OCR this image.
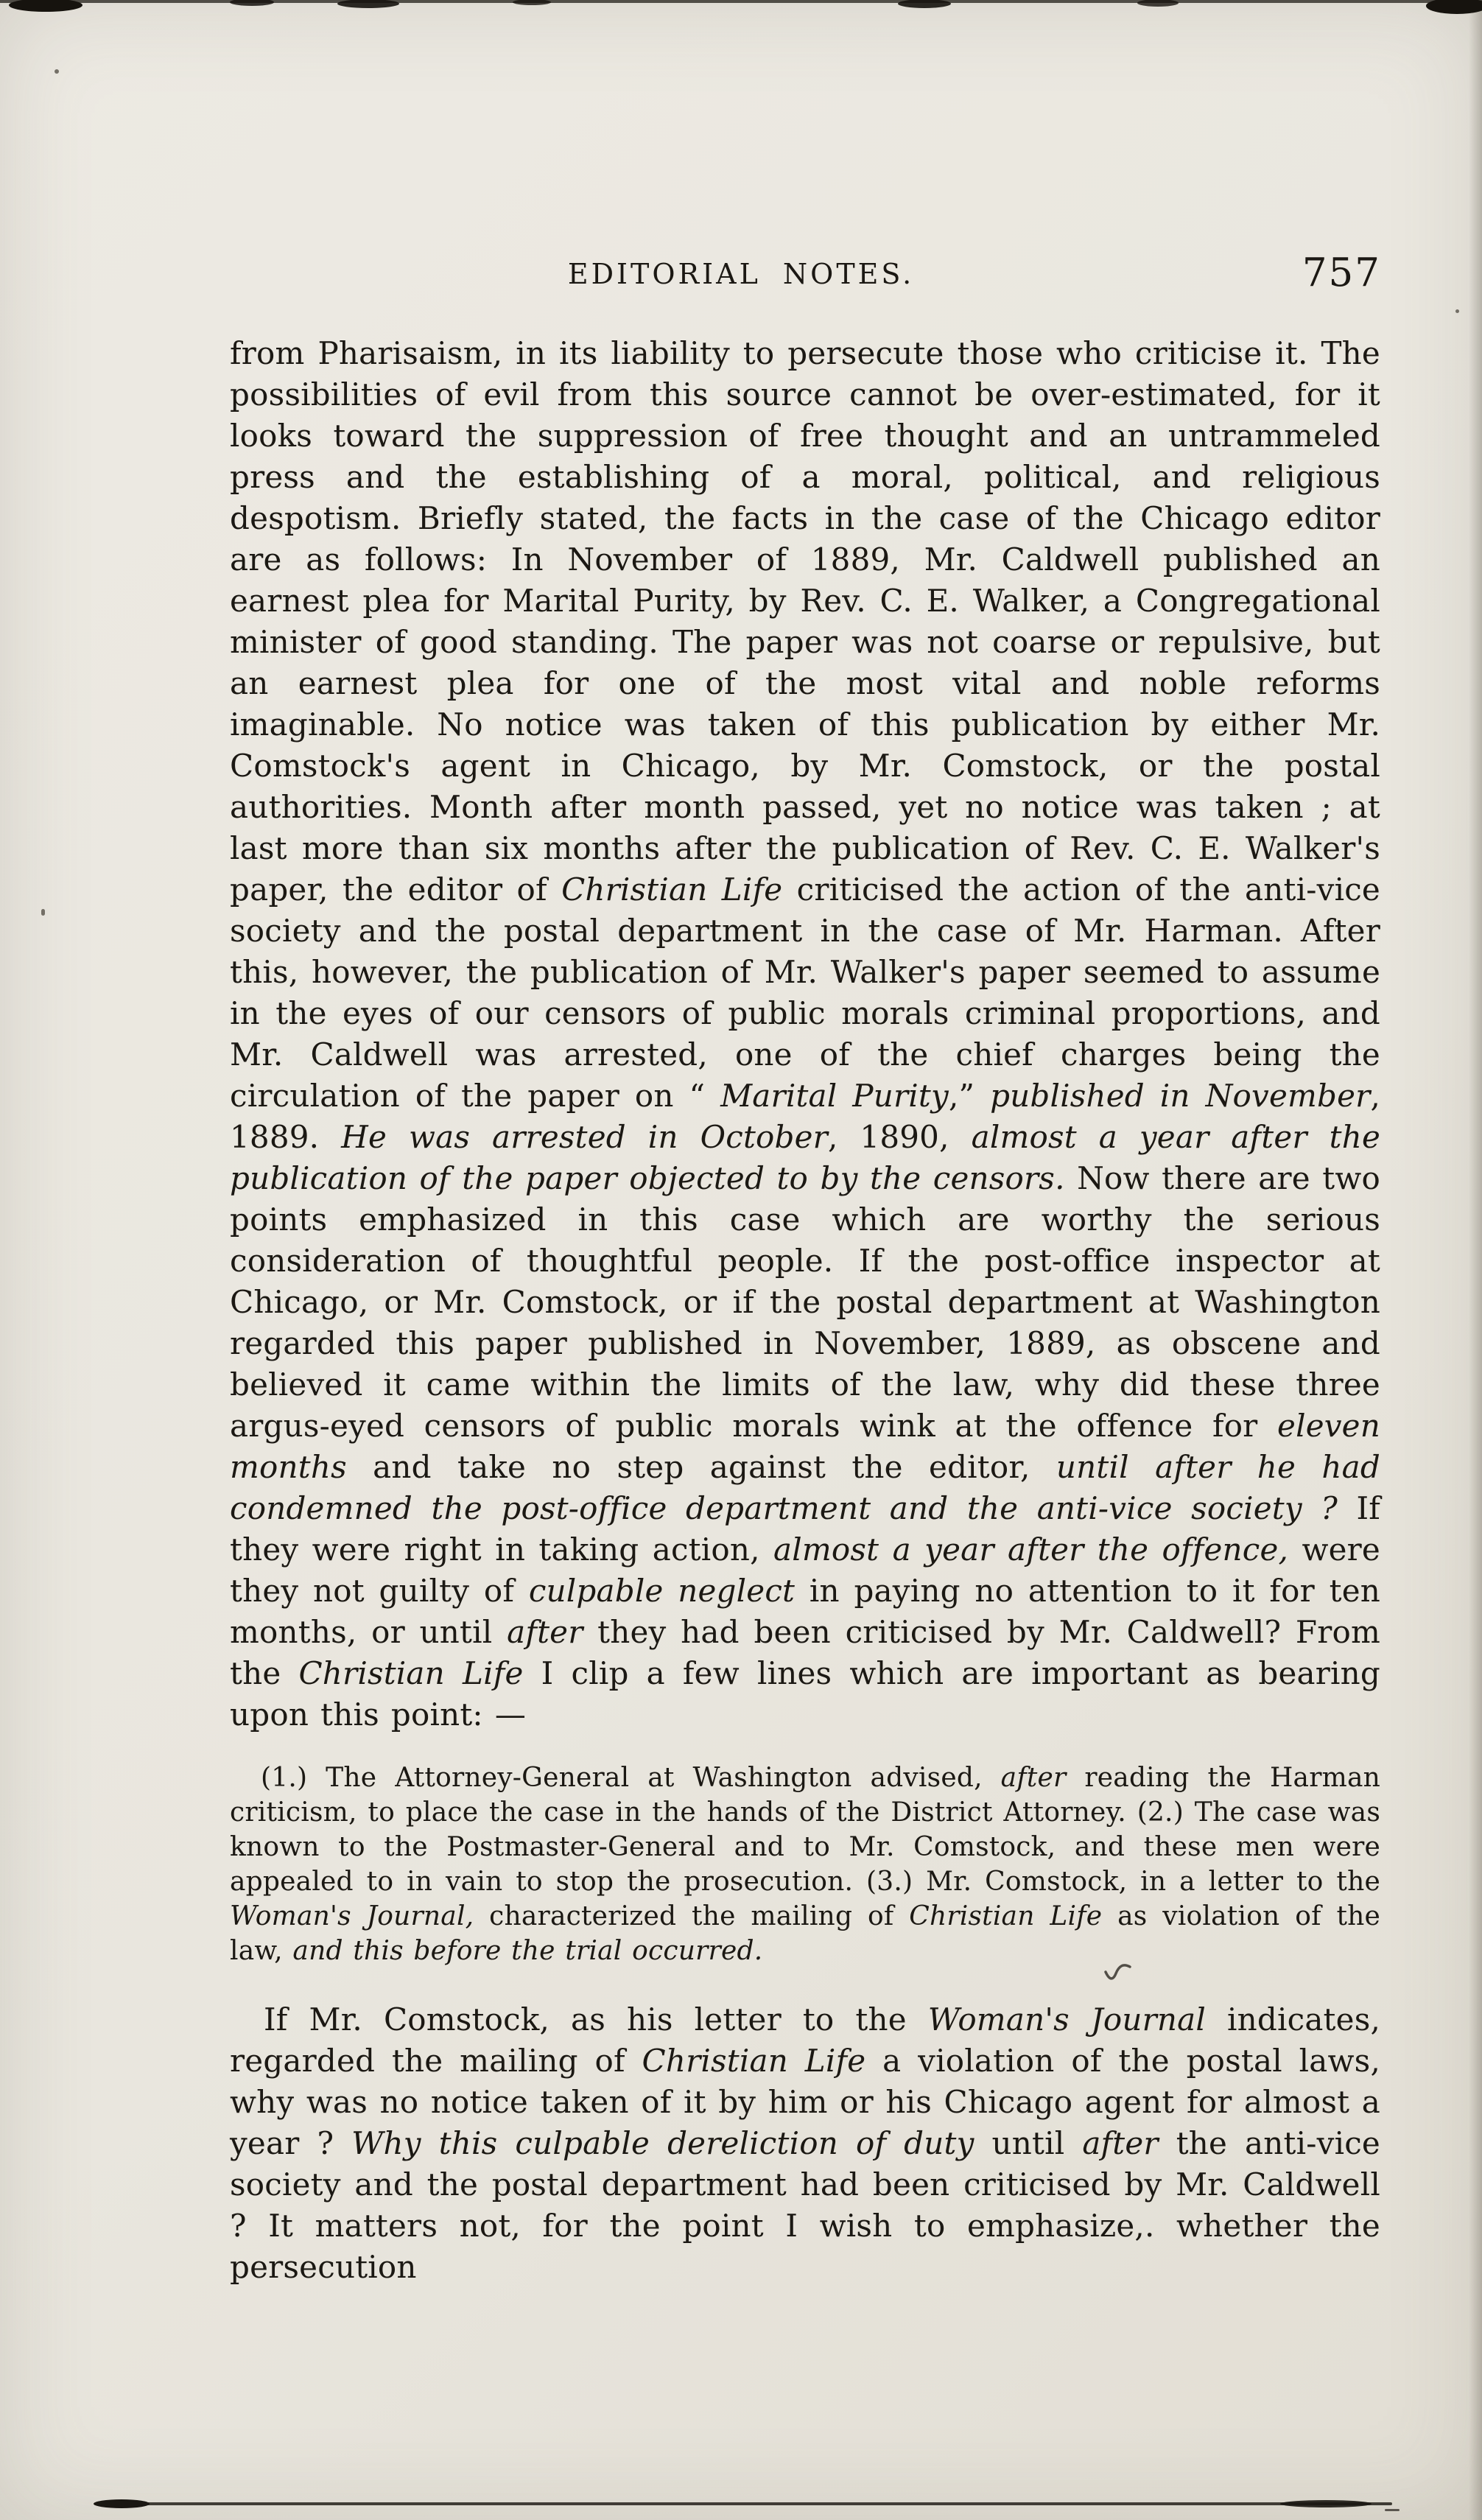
EDITORIAL NOTES.	757

from Pharisaism, in its liability to persecute those who criticise it. The possibilities of evil from this source cannot be over-estimated, for it looks toward the suppression of free thought and an untrammeled press and the establishing of a moral, political, and religious despotism. Briefly stated, the facts in the case of the Chicago editor are as follows: In November of 1889, Mr. Caldwell published an earnest plea for Marital Purity, by Rev. C. E. Walker, a Congregational minister of good standing. The paper was not coarse or repulsive, but an earnest plea for one of the most vital and noble reforms imaginable. No notice was taken of this publication by either Mr. Comstock's agent in Chicago, by Mr. Comstock, or the postal authorities. Month after month passed, yet no notice was taken ; at last more than six months after the publication of Rev. C. E. Walker's paper, the editor of Christian Life criticised the action of the anti-vice society and the postal department in the case of Mr. Harman. After this, however, the publication of Mr. Walker's paper seemed to assume in the eyes of our censors of public morals criminal proportions, and Mr. Caldwell was arrested, one of the chief charges being the circulation of the paper on “ Marital Purity,” published in November, 1889. He was arrested in October, 1890, almost a year after the publication of the paper objected to by the censors. Now there are two points emphasized in this case which are worthy the serious consideration of thoughtful people. If the post-office inspector at Chicago, or Mr. Comstock, or if the postal department at Washington regarded this paper published in November, 1889, as obscene and believed it came within the limits of the law, why did these three argus-eyed censors of public morals wink at the offence for eleven months and take no step against the editor, until after he had condemned the post-office department and the anti-vice society ? If they were right in taking action, almost a year after the offence, were they not guilty of culpable neglect in paying no attention to it for ten months, or until after they had been criticised by Mr. Caldwell? From the Christian Life I clip a few lines which are important as bearing upon this point: —

(1.) The Attorney-General at Washington advised, after reading the Harman criticism, to place the case in the hands of the District Attorney. (2.) The case was known to the Postmaster-General and to Mr. Comstock, and these men were appealed to in vain to stop the prosecution. (3.) Mr. Comstock, in a letter to the Woman's Journal, characterized the mailing of Christian Life as violation of the law, and this before the trial occurred.

If Mr. Comstock, as his letter to the Woman's Journal indicates, regarded the mailing of Christian Life a violation of the postal laws, why was no notice taken of it by him or his Chicago agent for almost a year ? Why this culpable dereliction of duty until after the anti-vice society and the postal department had been criticised by Mr. Caldwell ? It matters not, for the point I wish to emphasize,. whether the persecution
